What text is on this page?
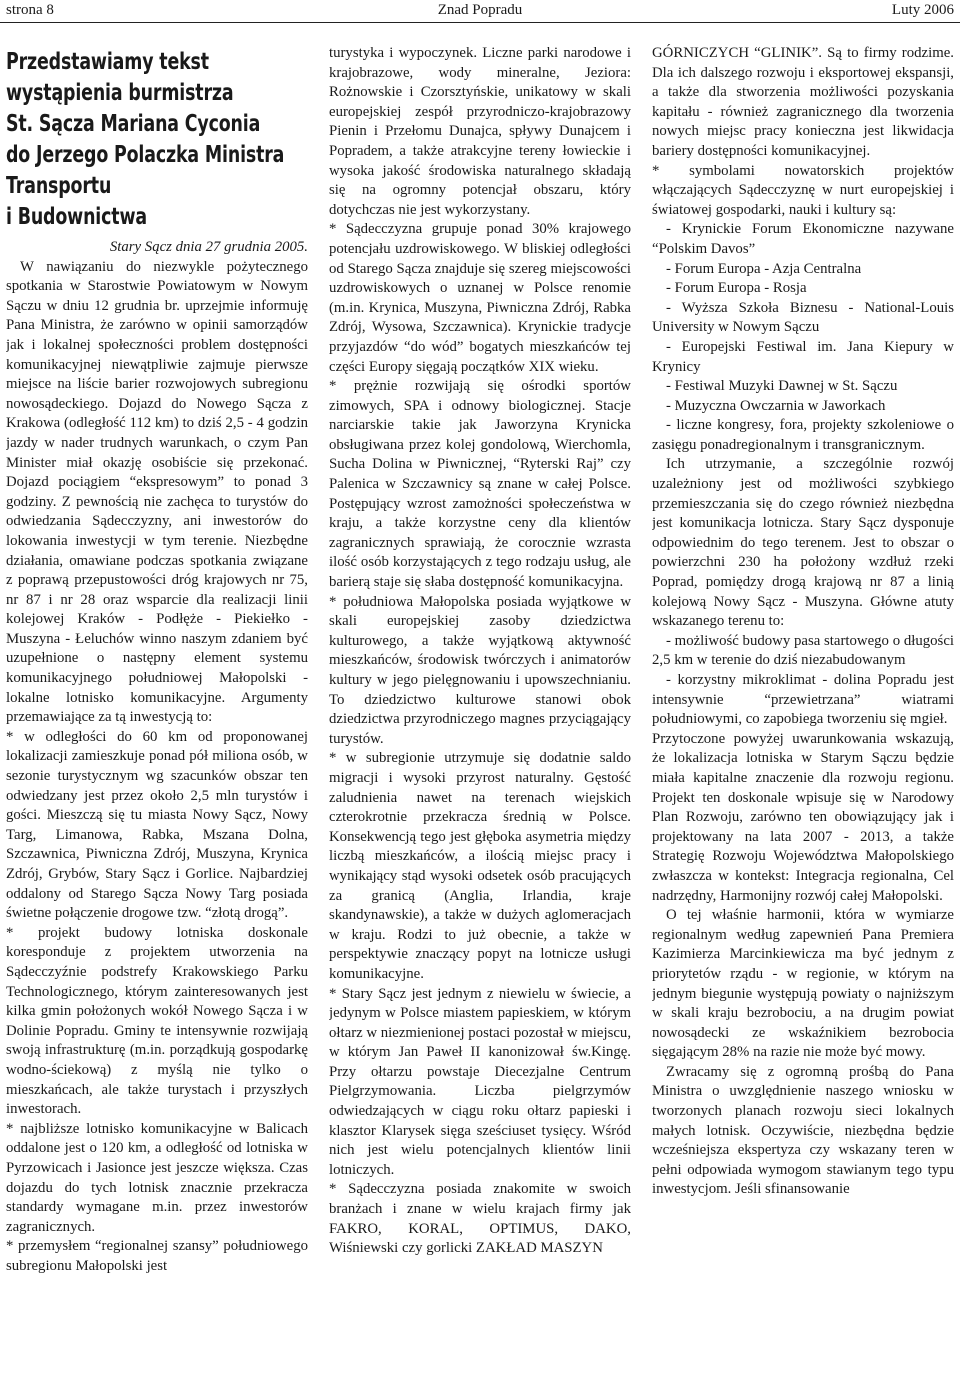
strona 8	Znad Popradu	Luty 2006
Przedstawiamy tekst
wystąpienia burmistrza
St. Sącza Mariana Cyconia
do Jerzego Polaczka Ministra
Transportu
i Budownictwa

Stary Sącz dnia 27 grudnia 2005.

W nawiązaniu do niezwykle pożytecznego spotkania w Starostwie Powiatowym w Nowym Sączu w dniu 12 grudnia br. uprzejmie informuję Pana Ministra, że zarówno w opinii samorządów jak i lokalnej społeczności problem dostępności komunikacyjnej niewątpliwie zajmuje pierwsze miejsce na liście barier rozwojowych subregionu nowosądeckiego. Dojazd do Nowego Sącza z Krakowa (odległość 112 km) to dziś 2,5 - 4 godzin jazdy w nader trudnych warunkach, o czym Pan Minister miał okazję osobiście się przekonać. Dojazd pociągiem “ekspresowym” to ponad 3 godziny. Z pewnością nie zachęca to turystów do odwiedzania Sądecczyzny, ani inwestorów do lokowania inwestycji w tym terenie. Niezbędne działania, omawiane podczas spotkania związane z poprawą przepustowości dróg krajowych nr 75, nr 87 i nr 28 oraz wsparcie dla realizacji linii kolejowej Kraków - Podłęże - Piekiełko - Muszyna - Łeluchów winno naszym zdaniem być uzupełnione o następny element systemu komunikacyjnego południowej Małopolski - lokalne lotnisko komunikacyjne. Argumenty przemawiające za tą inwestycją to:

* w odległości do 60 km od proponowanej lokalizacji zamieszkuje ponad pół miliona osób, w sezonie turystycznym wg szacunków obszar ten odwiedzany jest przez około 2,5 mln turystów i gości. Mieszczą się tu miasta Nowy Sącz, Nowy Targ, Limanowa, Rabka, Mszana Dolna, Szczawnica, Piwniczna Zdrój, Muszyna, Krynica Zdrój, Grybów, Stary Sącz i Gorlice. Najbardziej oddalony od Starego Sącza Nowy Targ posiada świetne połączenie drogowe tzw. “złotą drogą”.

* projekt budowy lotniska doskonale koresponduje z projektem utworzenia na Sądecczyźnie podstrefy Krakowskiego Parku Technologicznego, którym zainteresowanych jest kilka gmin położonych wokół Nowego Sącza i w Dolinie Popradu. Gminy te intensywnie rozwijają swoją infrastrukturę (m.in. porządkują gospodarkę wodno-ściekową) z myślą nie tylko o mieszkańcach, ale także turystach i przyszłych inwestorach.

* najbliższe lotnisko komunikacyjne w Balicach oddalone jest o 120 km, a odległość od lotniska w Pyrzowicach i Jasionce jest jeszcze większa. Czas dojazdu do tych lotnisk znacznie przekracza standardy wymagane m.in. przez inwestorów zagranicznych.

* przemysłem “regionalnej szansy” południowego subregionu Małopolski jest

turystyka i wypoczynek. Liczne parki narodowe i krajobrazowe, wody mineralne, Jeziora: Rożnowskie i Czorsztyńskie, unikatowy w skali europejskiej zespół przyrodniczo-krajobrazowy Pienin i Przełomu Dunajca, spływy Dunajcem i Popradem, a także atrakcyjne tereny łowieckie i wysoka jakość środowiska naturalnego składają się na ogromny potencjał obszaru, który dotychczas nie jest wykorzystany.

* Sądecczyzna grupuje ponad 30% krajowego potencjału uzdrowiskowego. W bliskiej odległości od Starego Sącza znajduje się szereg miejscowości uzdrowiskowych o uznanej w Polsce renomie (m.in. Krynica, Muszyna, Piwniczna Zdrój, Rabka Zdrój, Wysowa, Szczawnica). Krynickie tradycje przyjazdów “do wód” bogatych mieszkańców tej części Europy sięgają początków XIX wieku.

* prężnie rozwijają się ośrodki sportów zimowych, SPA i odnowy biologicznej. Stacje narciarskie takie jak Jaworzyna Krynicka obsługiwana przez kolej gondolową, Wierchomla, Sucha Dolina w Piwnicznej, “Ryterski Raj” czy Palenica w Szczawnicy są znane w całej Polsce. Postępujący wzrost zamożności społeczeństwa w kraju, a także korzystne ceny dla klientów zagranicznych sprawiają, że corocznie wzrasta ilość osób korzystających z tego rodzaju usług, ale barierą staje się słaba dostępność komunikacyjna.

* południowa Małopolska posiada wyjątkowe w skali europejskiej zasoby dziedzictwa kulturowego, a także wyjątkową aktywność mieszkańców, środowisk twórczych i animatorów kultury w jego pielęgnowaniu i upowszechnianiu. To dziedzictwo kulturowe stanowi obok dziedzictwa przyrodniczego magnes przyciągający turystów.

* w subregionie utrzymuje się dodatnie saldo migracji i wysoki przyrost naturalny. Gęstość zaludnienia nawet na terenach wiejskich czterokrotnie przekracza średnią w Polsce. Konsekwencją tego jest głęboka asymetria między liczbą mieszkańców, a ilością miejsc pracy i wynikający stąd wysoki odsetek osób pracujących za granicą (Anglia, Irlandia, kraje skandynawskie), a także w dużych aglomeracjach w kraju. Rodzi to już obecnie, a także w perspektywie znaczący popyt na lotnicze usługi komunikacyjne.

* Stary Sącz jest jednym z niewielu w świecie, a jedynym w Polsce miastem papieskiem, w którym ołtarz w niezmienionej postaci pozostał w miejscu, w którym Jan Paweł II kanonizował św.Kingę. Przy ołtarzu powstaje Diecezjalne Centrum Pielgrzymowania. Liczba pielgrzymów odwiedzających w ciągu roku ołtarz papieski i klasztor Klarysek sięga sześciuset tysięcy. Wśród nich jest wielu potencjalnych klientów linii lotniczych.

* Sądecczyzna posiada znakomite w swoich branżach i znane w wielu krajach firmy jak FAKRO, KORAL, OPTIMUS, DAKO, Wiśniewski czy gorlicki ZAKŁAD MASZYN

GÓRNICZYCH “GLINIK”. Są to firmy rodzime. Dla ich dalszego rozwoju i eksportowej ekspansji, a także dla stworzenia możliwości pozyskania kapitału - również zagranicznego dla tworzenia nowych miejsc pracy konieczna jest likwidacja bariery dostępności komunikacyjnej.

* symbolami nowatorskich projektów włączających Sądecczyznę w nurt europejskiej i światowej gospodarki, nauki i kultury są:

- Krynickie Forum Ekonomiczne nazywane “Polskim Davos”

- Forum Europa - Azja Centralna

- Forum Europa - Rosja

- Wyższa Szkoła Biznesu - National-Louis University w Nowym Sączu

- Europejski Festiwal im. Jana Kiepury w Krynicy

- Festiwal Muzyki Dawnej w St. Sączu

- Muzyczna Owczarnia w Jaworkach

- liczne kongresy, fora, projekty szkoleniowe o zasięgu ponadregionalnym i transgranicznym.

Ich utrzymanie, a szczególnie rozwój uzależniony jest od możliwości szybkiego przemieszczania się do czego również niezbędna jest komunikacja lotnicza. Stary Sącz dysponuje odpowiednim do tego terenem. Jest to obszar o powierzchni 230 ha położony wzdłuż rzeki Poprad, pomiędzy drogą krajową nr 87 a linią kolejową Nowy Sącz - Muszyna. Główne atuty wskazanego terenu to:

- możliwość budowy pasa startowego o długości 2,5 km w terenie do dziś niezabudowanym

- korzystny mikroklimat - dolina Popradu jest intensywnie “przewietrzana” wiatrami południowymi, co zapobiega tworzeniu się mgieł.

Przytoczone powyżej uwarunkowania wskazują, że lokalizacja lotniska w Starym Sączu będzie miała kapitalne znaczenie dla rozwoju regionu. Projekt ten doskonale wpisuje się w Narodowy Plan Rozwoju, zarówno ten obowiązujący jak i projektowany na lata 2007 - 2013, a także Strategię Rozwoju Województwa Małopolskiego zwłaszcza w kontekst: Integracja regionalna, Cel nadrzędny, Harmonijny rozwój całej Małopolski.

O tej właśnie harmonii, która w wymiarze regionalnym według zapewnień Pana Premiera Kazimierza Marcinkiewicza ma być jednym z priorytetów rządu - w regionie, w którym na jednym biegunie występują powiaty o najniższym w skali kraju bezrobociu, a na drugim powiat nowosądecki ze wskaźnikiem bezrobocia sięgającym 28% na razie nie może być mowy.

Zwracamy się z ogromną prośbą do Pana Ministra o uwzględnienie naszego wniosku w tworzonych planach rozwoju sieci lokalnych małych lotnisk. Oczywiście, niezbędna będzie wcześniejsza ekspertyza czy wskazany teren w pełni odpowiada wymogom stawianym tego typu inwestycjom. Jeśli sfinansowanie
